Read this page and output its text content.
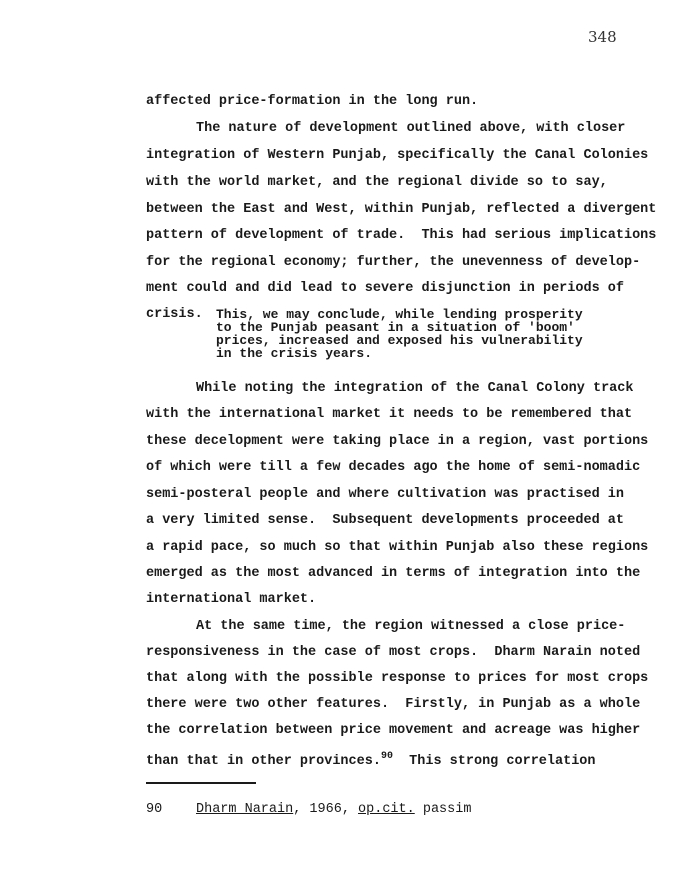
348
affected price-formation in the long run.
The nature of development outlined above, with closer
integration of Western Punjab, specifically the Canal Colonies
with the world market, and the regional divide so to say,
between the East and West, within Punjab, reflected a divergent
pattern of development of trade.  This had serious implications
for the regional economy; further, the unevenness of develop-
ment could and did lead to severe disjunction in periods of
crisis. This, we may conclude, while lending prosperity
to the Punjab peasant in a situation of 'boom'
prices, increased and exposed his vulnerability
in the crisis years.
While noting the integration of the Canal Colony track
with the international market it needs to be remembered that
these decelopment were taking place in a region, vast portions
of which were till a few decades ago the home of semi-nomadic
semi-posteral people and where cultivation was practised in
a very limited sense.  Subsequent developments proceeded at
a rapid pace, so much so that within Punjab also these regions
emerged as the most advanced in terms of integration into the
international market.
At the same time, the region witnessed a close price-
responsiveness in the case of most crops.  Dharm Narain noted
that along with the possible response to prices for most crops
there were two other features.  Firstly, in Punjab as a whole
the correlation between price movement and acreage was higher
than that in other provinces.$^{90}$  This strong correlation
90	Dharm Narain, 1966, op.cit. passim
